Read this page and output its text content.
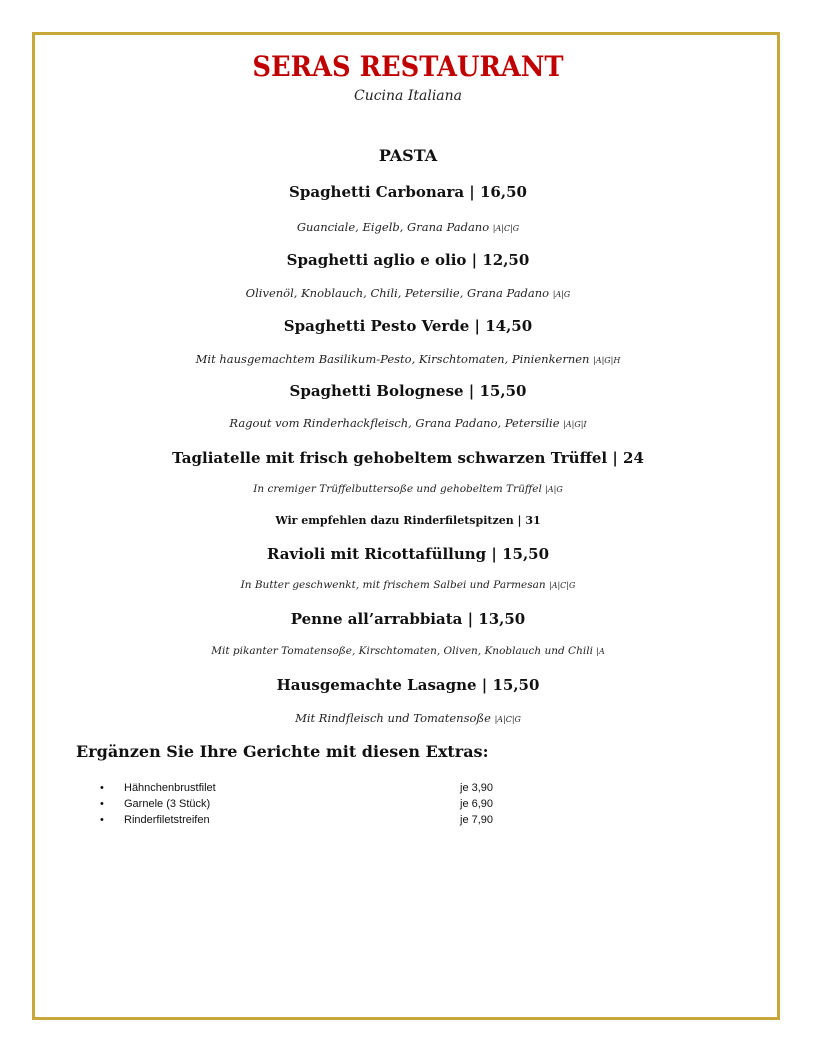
SERAS RESTAURANT
Cucina Italiana
PASTA
Spaghetti Carbonara | 16,50
Guanciale, Eigelb, Grana Padano |A|C|G
Spaghetti aglio e olio | 12,50
Olivenöl, Knoblauch, Chili, Petersilie, Grana Padano |A|G
Spaghetti Pesto Verde | 14,50
Mit hausgemachtem Basilikum-Pesto, Kirschtomaten, Pinienkernen |A|G|H
Spaghetti Bolognese | 15,50
Ragout vom Rinderhackfleisch, Grana Padano, Petersilie |A|G|I
Tagliatelle mit frisch gehobeltem schwarzen Trüffel | 24
In cremiger Trüffelbuttersoße und gehobeltem Trüffel |A|G
Wir empfehlen dazu Rinderfiletspitzen | 31
Ravioli mit Ricottafüllung | 15,50
In Butter geschwenkt, mit frischem Salbei und Parmesan |A|C|G
Penne all’arrabbiata | 13,50
Mit pikanter Tomatensoße, Kirschtomaten, Oliven, Knoblauch und Chili |A
Hausgemachte Lasagne | 15,50
Mit Rindfleisch und Tomatensoße |A|C|G
Ergänzen Sie Ihre Gerichte mit diesen Extras:
• Hähnchenbrustfilet	je 3,90
• Garnele (3 Stück)	je 6,90
• Rinderfiletstreifen	je 7,90
